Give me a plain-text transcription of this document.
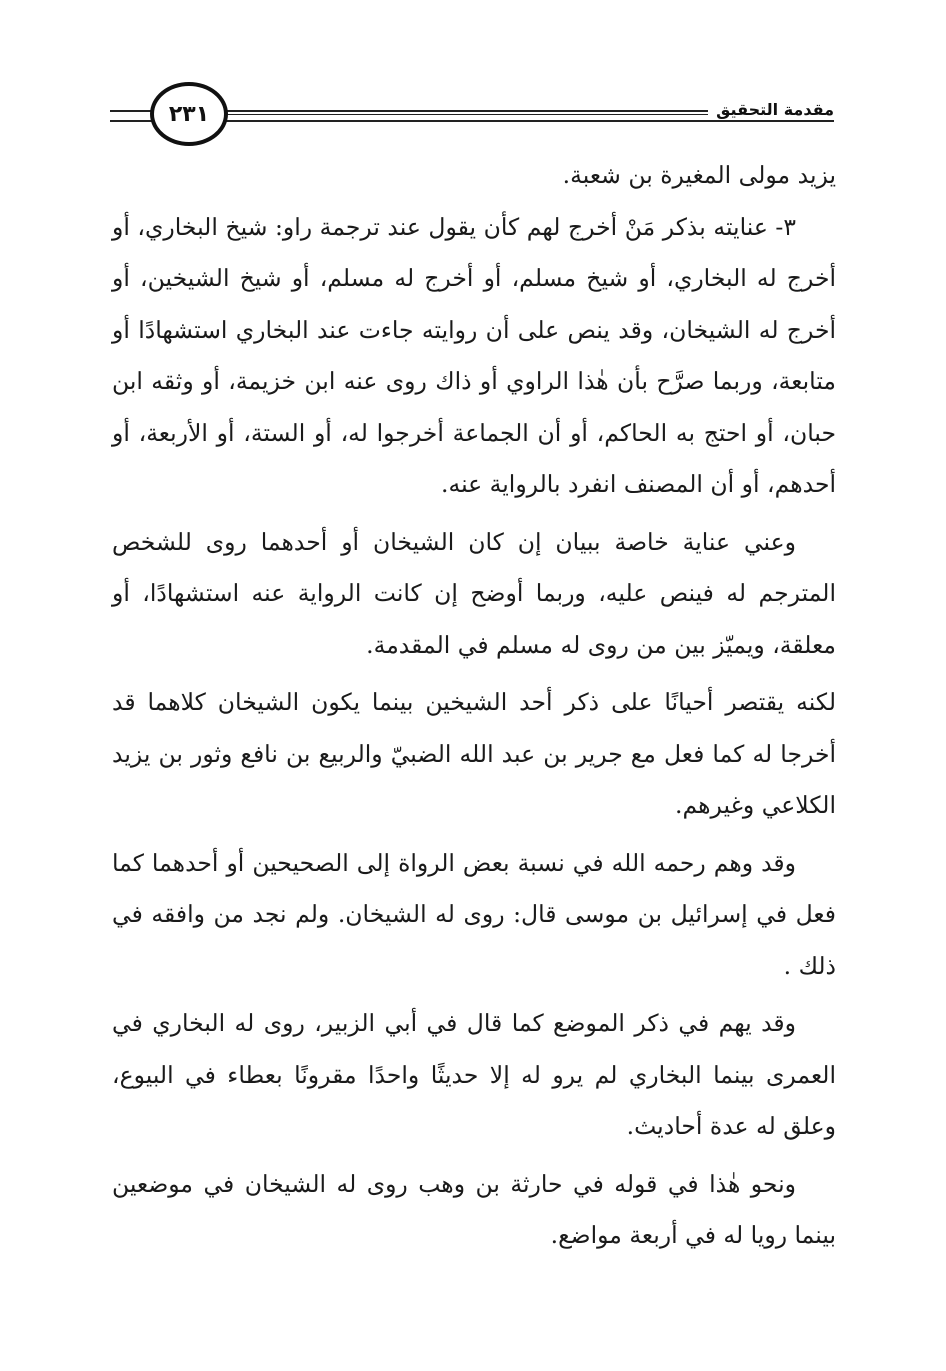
٢٣١	مقدمة التحقيق

يزيد مولى المغيرة بن شعبة.

٣- عنايته بذكر مَنْ أخرج لهم كأن يقول عند ترجمة راو: شيخ البخاري، أو أخرج له البخاري، أو شيخ مسلم، أو أخرج له مسلم، أو شيخ الشيخين، أو أخرج له الشيخان، وقد ينص على أن روايته جاءت عند البخاري استشهادًا أو متابعة، وربما صرَّح بأن هٰذا الراوي أو ذاك روى عنه ابن خزيمة، أو وثقه ابن حبان، أو احتج به الحاكم، أو أن الجماعة أخرجوا له، أو الستة، أو الأربعة، أو أحدهم، أو أن المصنف انفرد بالرواية عنه.

وعني عناية خاصة ببيان إن كان الشيخان أو أحدهما روى للشخص المترجم له فينص عليه، وربما أوضح إن كانت الرواية عنه استشهادًا، أو معلقة، ويميّز بين من روى له مسلم في المقدمة.

لكنه يقتصر أحيانًا على ذكر أحد الشيخين بينما يكون الشيخان كلاهما قد أخرجا له كما فعل مع جرير بن عبد الله الضبيّ والربيع بن نافع وثور بن يزيد الكلاعي وغيرهم.

وقد وهم رحمه الله في نسبة بعض الرواة إلى الصحيحين أو أحدهما كما فعل في إسرائيل بن موسى قال: روى له الشيخان. ولم نجد من وافقه في ذلك .

وقد يهم في ذكر الموضع كما قال في أبي الزبير، روى له البخاري في العمرى بينما البخاري لم يرو له إلا حديثًا واحدًا مقرونًا بعطاء في البيوع، وعلق له عدة أحاديث.

ونحو هٰذا في قوله في حارثة بن وهب روى له الشيخان في موضعين بينما رويا له في أربعة مواضع.
